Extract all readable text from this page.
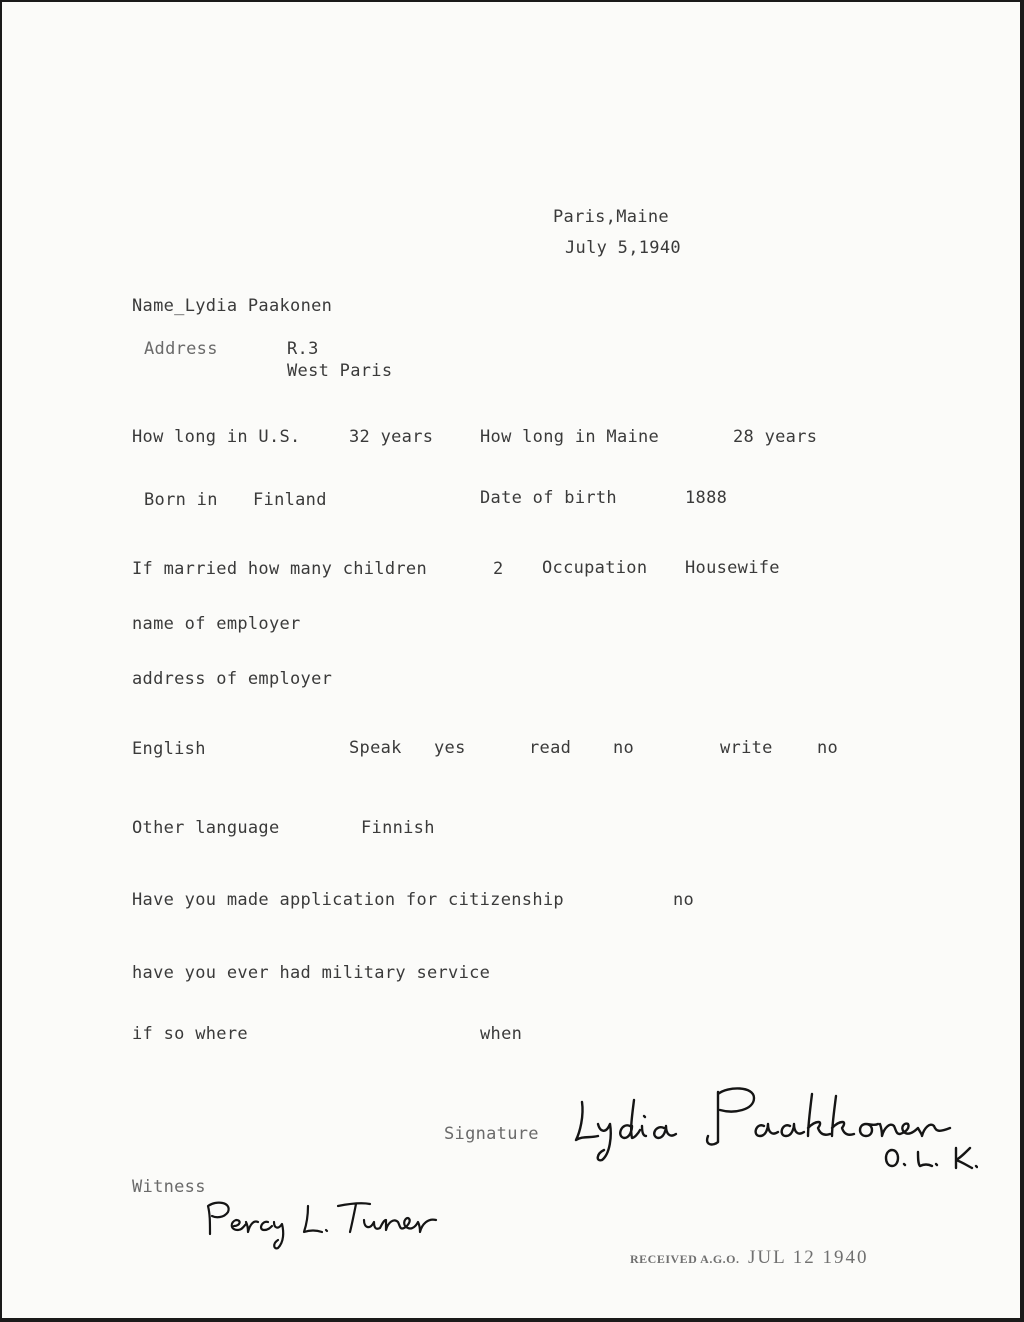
Paris,Maine
July 5,1940
Name_Lydia Paakonen
Address	R.3
West Paris
How long in U.S.	32 years	How long in Maine	28 years
Born in Finland	Date of birth	1888
If married how many children	2 Occupation Housewife
name of employer
address of employer
English	Speak yes	read no	write	no
Other language	Finnish
Have you made application for citizenship	no
have you ever had military service
if so where	when
Signature
Witness
RECEIVED A.G.O. JUL 12 1940
